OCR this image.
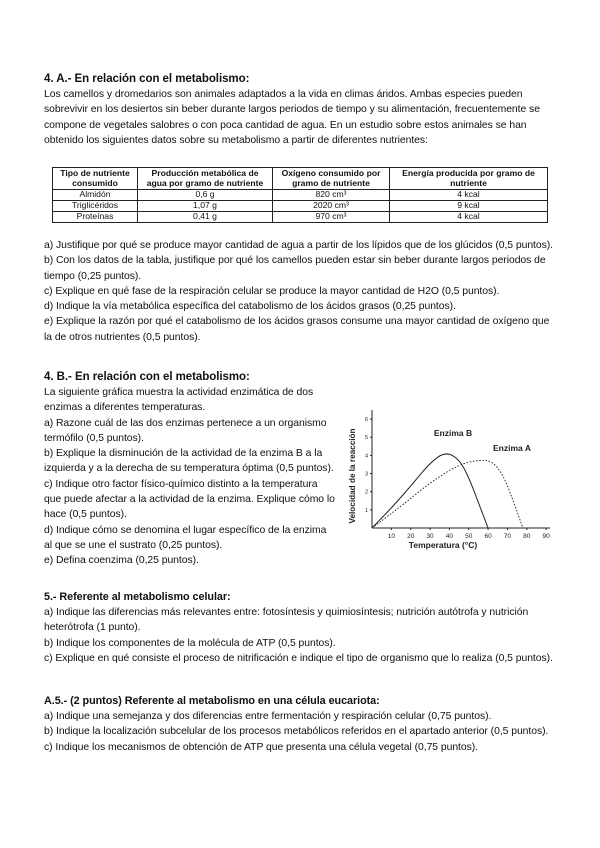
4. A.- En relación con el metabolismo:

Los camellos y dromedarios son animales adaptados a la vida en climas áridos. Ambas especies pueden sobrevivir en los desiertos sin beber durante largos periodos de tiempo y su alimentación, frecuentemente se compone de vegetales salobres o con poca cantidad de agua. En un estudio sobre estos animales se han obtenido los siguientes datos sobre su metabolismo a partir de diferentes nutrientes:

Tipo de nutriente consumido	Producción metabólica de agua por gramo de nutriente	Oxígeno consumido por gramo de nutriente	Energía producida por gramo de nutriente
Almidón	0,6 g	820 cm³	4 kcal
Triglicéridos	1,07 g	2020 cm³	9 kcal
Proteínas	0,41 g	970 cm³	4 kcal

a) Justifique por qué se produce mayor cantidad de agua a partir de los lípidos que de los glúcidos (0,5 puntos).

b) Con los datos de la tabla, justifique por qué los camellos pueden estar sin beber durante largos periodos de tiempo (0,25 puntos).

c) Explique en qué fase de la respiración celular se produce la mayor cantidad de H2O (0,5 puntos).

d) Indique la vía metabólica específica del catabolismo de los ácidos grasos (0,25 puntos).

e) Explique la razón por qué el catabolismo de los ácidos grasos consume una mayor cantidad de oxígeno que la de otros nutrientes (0,5 puntos).

4. B.- En relación con el metabolismo:

La siguiente gráfica muestra la actividad enzimática de dos enzimas a diferentes temperaturas.

a) Razone cuál de las dos enzimas pertenece a un organismo termófilo (0,5 puntos).

b) Explique la disminución de la actividad de la enzima B a la izquierda y a la derecha de su temperatura óptima (0,5 puntos).

c) Indique otro factor físico-químico distinto a la temperatura que puede afectar a la actividad de la enzima. Explique cómo lo hace (0,5 puntos).

d) Indique cómo se denomina el lugar específico de la enzima al que se une el sustrato (0,25 puntos).

e) Defina coenzima (0,25 puntos).

Velocidad de la reacción
10 20 30 40 50 60 70 80 90
1
2
3
4
5
6
Enzima B
Enzima A
Temperatura (°C)
5.- Referente al metabolismo celular:

a) Indique las diferencias más relevantes entre: fotosíntesis y quimiosíntesis; nutrición autótrofa y nutrición heterótrofa (1 punto).

b) Indique los componentes de la molécula de ATP (0,5 puntos).

c) Explique en qué consiste el proceso de nitrificación e indique el tipo de organismo que lo realiza (0,5 puntos).

A.5.- (2 puntos) Referente al metabolismo en una célula eucariota:

a) Indique una semejanza y dos diferencias entre fermentación y respiración celular (0,75 puntos).

b) Indique la localización subcelular de los procesos metabólicos referidos en el apartado anterior (0,5 puntos).

c) Indique los mecanismos de obtención de ATP que presenta una célula vegetal (0,75 puntos).
